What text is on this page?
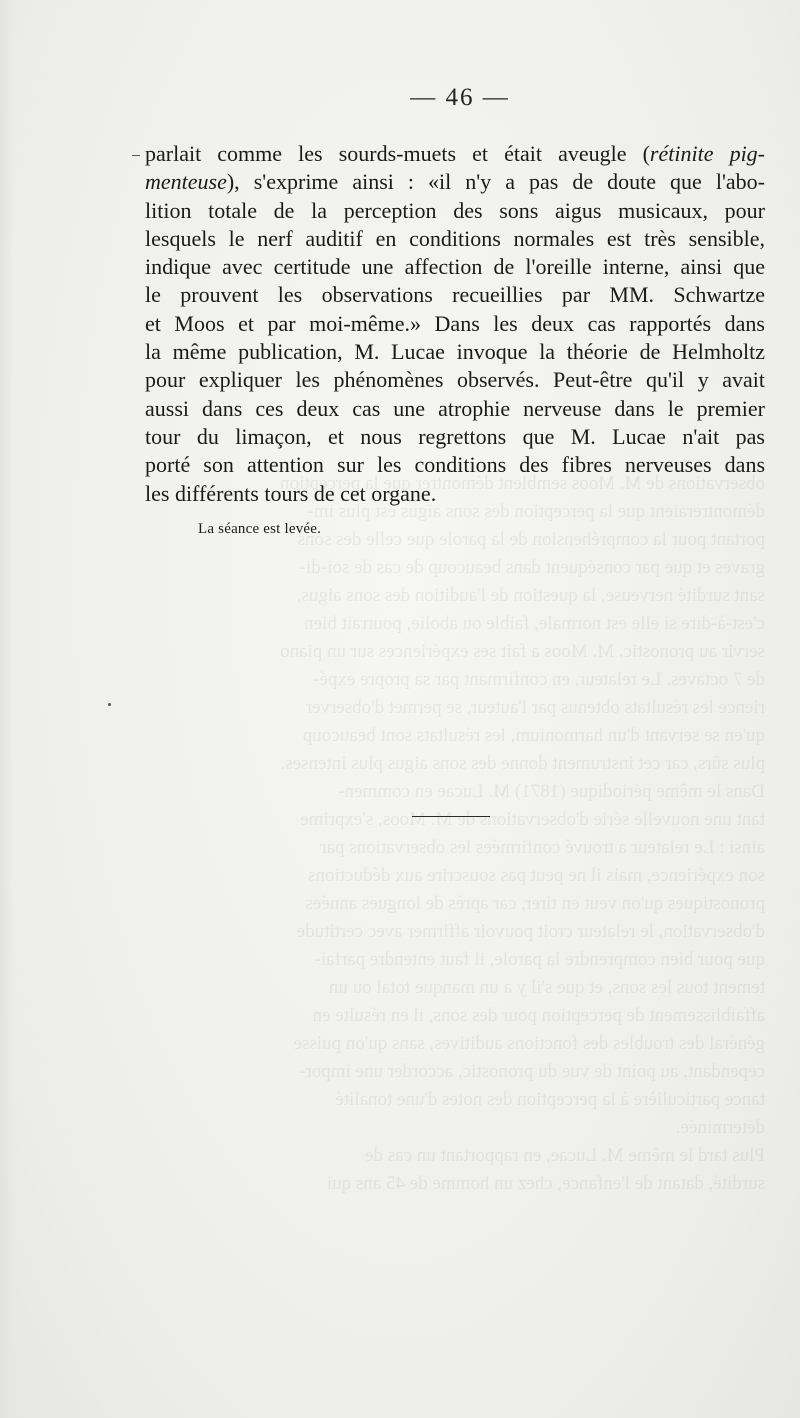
observations de M. Moos semblent démontrer que la perception
démontreraient que la perception des sons aigus est plus im-
portant pour la compréhension de la parole que celle des sons
graves et que par conséquent dans beaucoup de cas de soi-di-
sant surdité nerveuse, la question de l'audition des sons aigus,
c'est-à-dire si elle est normale, faible ou abolie, pourrait bien
servir au pronostic. M. Moos a fait ses expériences sur un piano
de 7 octaves. Le relateur, en confirmant par sa propre expé-
rience les résultats obtenus par l'auteur, se permet d'observer
qu'en se servant d'un harmonium, les résultats sont beaucoup
plus sûrs, car cet instrument donne des sons aigus plus intenses.
Dans le même périodique (1871) M. Lucae en commen-
tant une nouvelle série d'observations de M. Moos, s'exprime
ainsi : Le relateur a trouvé confirmées les observations par
son expérience, mais il ne peut pas souscrire aux déductions
pronostiques qu'on veut en tirer, car après de longues années
d'observation, le relateur croit pouvoir affirmer avec certitude
que pour bien comprendre la parole, il faut entendre parfai-
tement tous les sons, et que s'il y a un manque total ou un
affaiblissement de perception pour des sons, il en résulte en
général des troubles des fonctions auditives, sans qu'on puisse
cependant, au point de vue du pronostic, accorder une impor-
tance particulière à la perception des notes d'une tonalité
déterminée.
Plus tard le même M. Lucae, en rapportant un cas de
surdité, datant de l'enfance, chez un homme de 45 ans qui
— 46 —
parlait comme les sourds-muets et était aveugle (rétinite pig-
menteuse), s'exprime ainsi : «il n'y a pas de doute que l'abo-
lition totale de la perception des sons aigus musicaux, pour
lesquels le nerf auditif en conditions normales est très sensible,
indique avec certitude une affection de l'oreille interne, ainsi que
le prouvent les observations recueillies par MM. Schwartze
et Moos et par moi-même.» Dans les deux cas rapportés dans
la même publication, M. Lucae invoque la théorie de Helmholtz
pour expliquer les phénomènes observés. Peut-être qu'il y avait
aussi dans ces deux cas une atrophie nerveuse dans le premier
tour du limaçon, et nous regrettons que M. Lucae n'ait pas
porté son attention sur les conditions des fibres nerveuses dans
les différents tours de cet organe.
La séance est levée.
